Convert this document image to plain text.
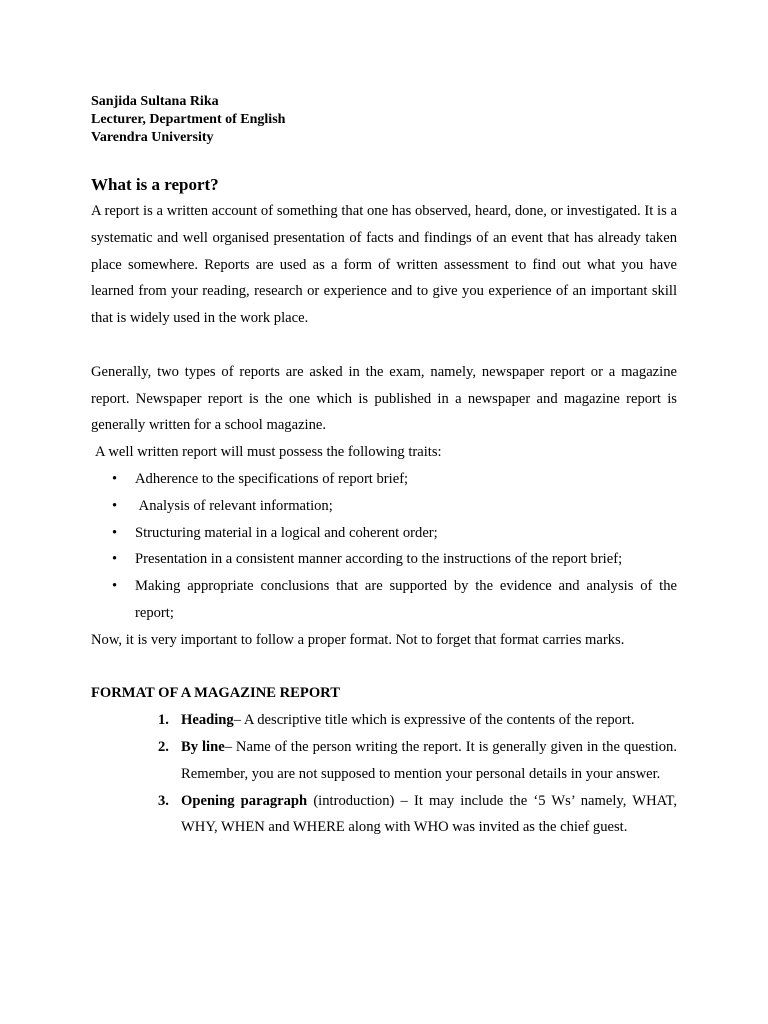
Sanjida Sultana Rika
Lecturer, Department of English
Varendra University
What is a report?

A report is a written account of something that one has observed, heard, done, or investigated. It is a systematic and well organised presentation of facts and findings of an event that has already taken place somewhere. Reports are used as a form of written assessment to find out what you have learned from your reading, research or experience and to give you experience of an important skill that is widely used in the work place.

Generally, two types of reports are asked in the exam, namely, newspaper report or a magazine report. Newspaper report is the one which is published in a newspaper and magazine report is generally written for a school magazine.

A well written report will must possess the following traits:

• Adherence to the specifications of report brief;
•  Analysis of relevant information;
• Structuring material in a logical and coherent order;
• Presentation in a consistent manner according to the instructions of the report brief;
• Making appropriate conclusions that are supported by the evidence and analysis of the report;

Now, it is very important to follow a proper format. Not to forget that format carries marks.

FORMAT OF A MAGAZINE REPORT
1. Heading– A descriptive title which is expressive of the contents of the report.
2. By line– Name of the person writing the report. It is generally given in the question. Remember, you are not supposed to mention your personal details in your answer.
3. Opening paragraph (introduction) – It may include the ‘5 Ws’ namely, WHAT, WHY, WHEN and WHERE along with WHO was invited as the chief guest.
